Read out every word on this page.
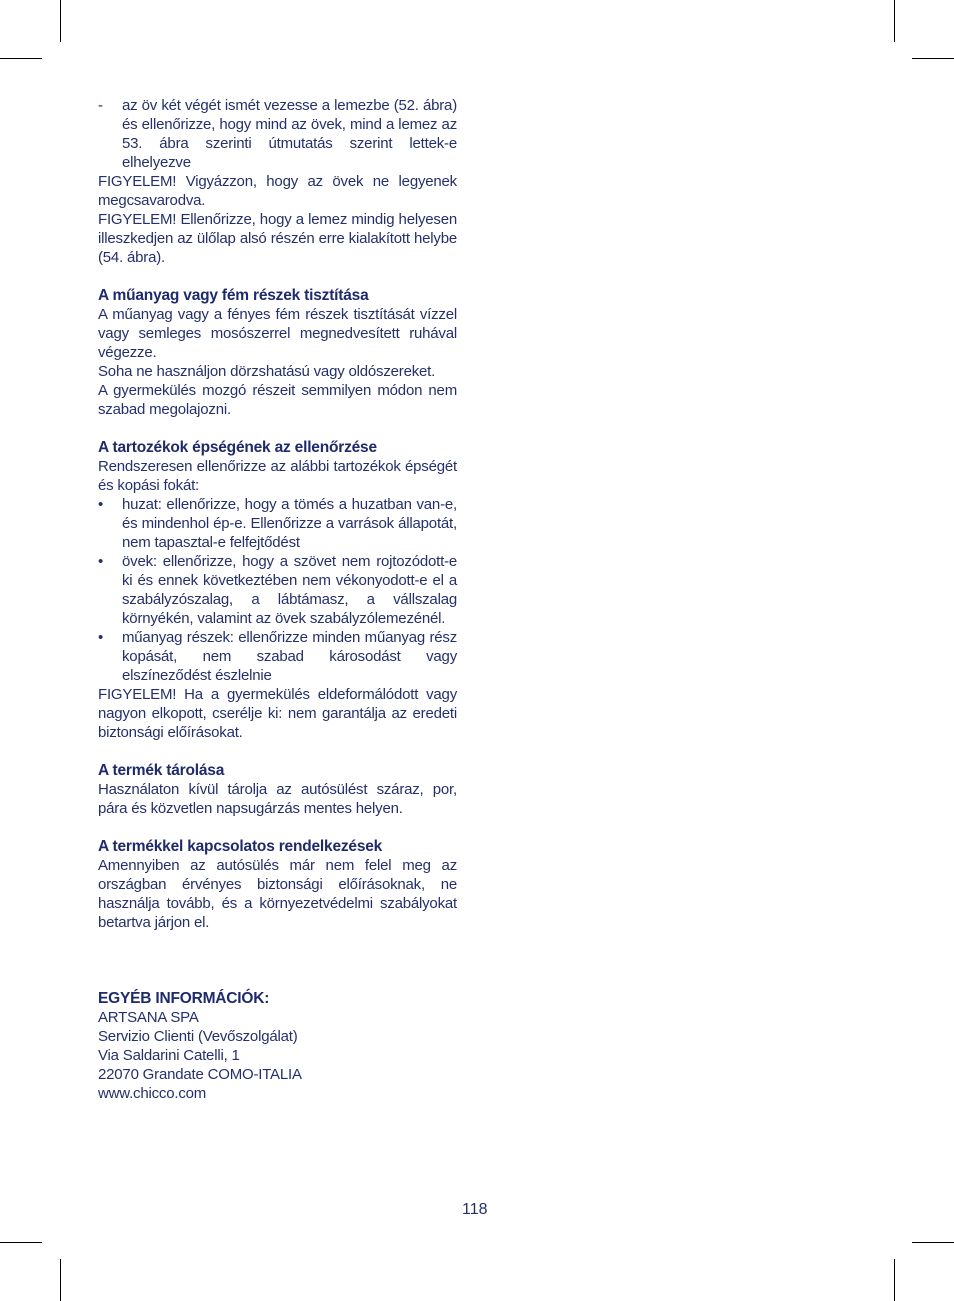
- az öv két végét ismét vezesse a lemezbe (52. ábra) és ellenőrizze, hogy mind az övek, mind a lemez az 53. ábra szerinti útmutatás szerint lettek-e elhelyezve

FIGYELEM! Vigyázzon, hogy az övek ne legyenek megcsavarodva.

FIGYELEM! Ellenőrizze, hogy a lemez mindig helyesen illeszkedjen az ülőlap alsó részén erre kialakított helybe (54. ábra).

A műanyag vagy fém részek tisztítása

A műanyag vagy a fényes fém részek tisztítását vízzel vagy semleges mosószerrel megnedvesített ruhával végezze.

Soha ne használjon dörzshatású vagy oldószereket.

A gyermekülés mozgó részeit semmilyen módon nem szabad megolajozni.

A tartozékok épségének az ellenőrzése

Rendszeresen ellenőrizze az alábbi tartozékok épségét és kopási fokát:

• huzat: ellenőrizze, hogy a tömés a huzatban van-e, és mindenhol ép-e. Ellenőrizze a varrások állapotát, nem tapasztal-e felfejtődést

• övek: ellenőrizze, hogy a szövet nem rojtozódott-e ki és ennek következtében nem vékonyodott-e el a szabályzószalag, a lábtámasz, a vállszalag környékén, valamint az övek szabályzólemezénél.

• műanyag részek: ellenőrizze minden műanyag rész kopását, nem szabad károsodást vagy elszíneződést észlelnie

FIGYELEM! Ha a gyermekülés eldeformálódott vagy nagyon elkopott, cserélje ki: nem garantálja az eredeti biztonsági előírásokat.

A termék tárolása

Használaton kívül tárolja az autósülést száraz, por, pára és közvetlen napsugárzás mentes helyen.

A termékkel kapcsolatos rendelkezések

Amennyiben az autósülés már nem felel meg az országban érvényes biztonsági előírásoknak, ne használja tovább, és a környezetvédelmi szabályokat betartva járjon el.

EGYÉB INFORMÁCIÓK:

ARTSANA SPA

Servizio Clienti (Vevőszolgálat)

Via Saldarini Catelli, 1

22070 Grandate COMO-ITALIA

www.chicco.com

118
